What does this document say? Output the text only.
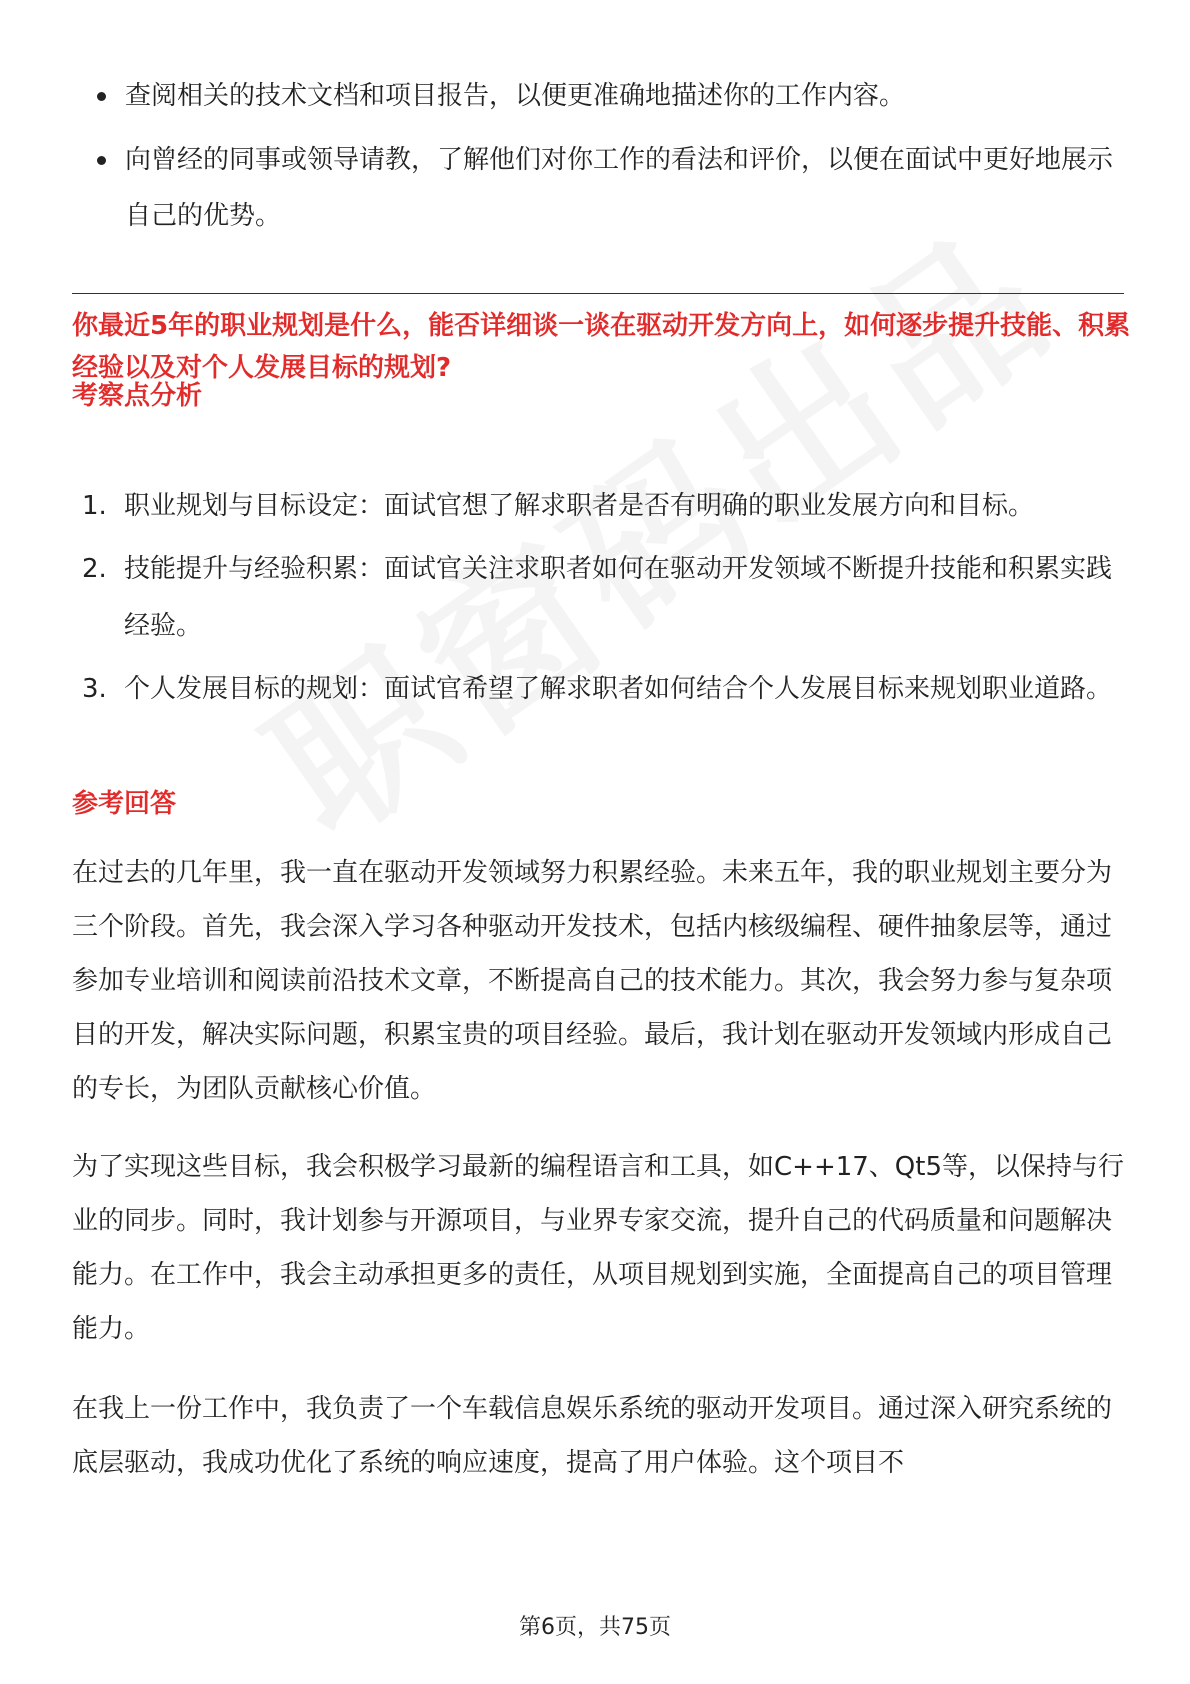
查阅相关的技术文档和项目报告，以便更准确地描述你的工作内容。
向曾经的同事或领导请教，了解他们对你工作的看法和评价，以便在面试中更好地展示自己的优势。
你最近5年的职业规划是什么，能否详细谈一谈在驱动开发方向上，如何逐步提升技能、积累经验以及对个人发展目标的规划?
考察点分析
1. 职业规划与目标设定：面试官想了解求职者是否有明确的职业发展方向和目标。
2. 技能提升与经验积累：面试官关注求职者如何在驱动开发领域不断提升技能和积累实践经验。
3. 个人发展目标的规划：面试官希望了解求职者如何结合个人发展目标来规划职业道路。
参考回答

在过去的几年里，我一直在驱动开发领域努力积累经验。未来五年，我的职业规划主要分为三个阶段。首先，我会深入学习各种驱动开发技术，包括内核级编程、硬件抽象层等，通过参加专业培训和阅读前沿技术文章，不断提高自己的技术能力。其次，我会努力参与复杂项目的开发，解决实际问题，积累宝贵的项目经验。最后，我计划在驱动开发领域内形成自己的专长，为团队贡献核心价值。

为了实现这些目标，我会积极学习最新的编程语言和工具，如C++17、Qt5等，以保持与行业的同步。同时，我计划参与开源项目，与业界专家交流，提升自己的代码质量和问题解决能力。在工作中，我会主动承担更多的责任，从项目规划到实施，全面提高自己的项目管理能力。

在我上一份工作中，我负责了一个车载信息娱乐系统的驱动开发项目。通过深入研究系统的底层驱动，我成功优化了系统的响应速度，提高了用户体验。这个项目不

第6页，共75页
